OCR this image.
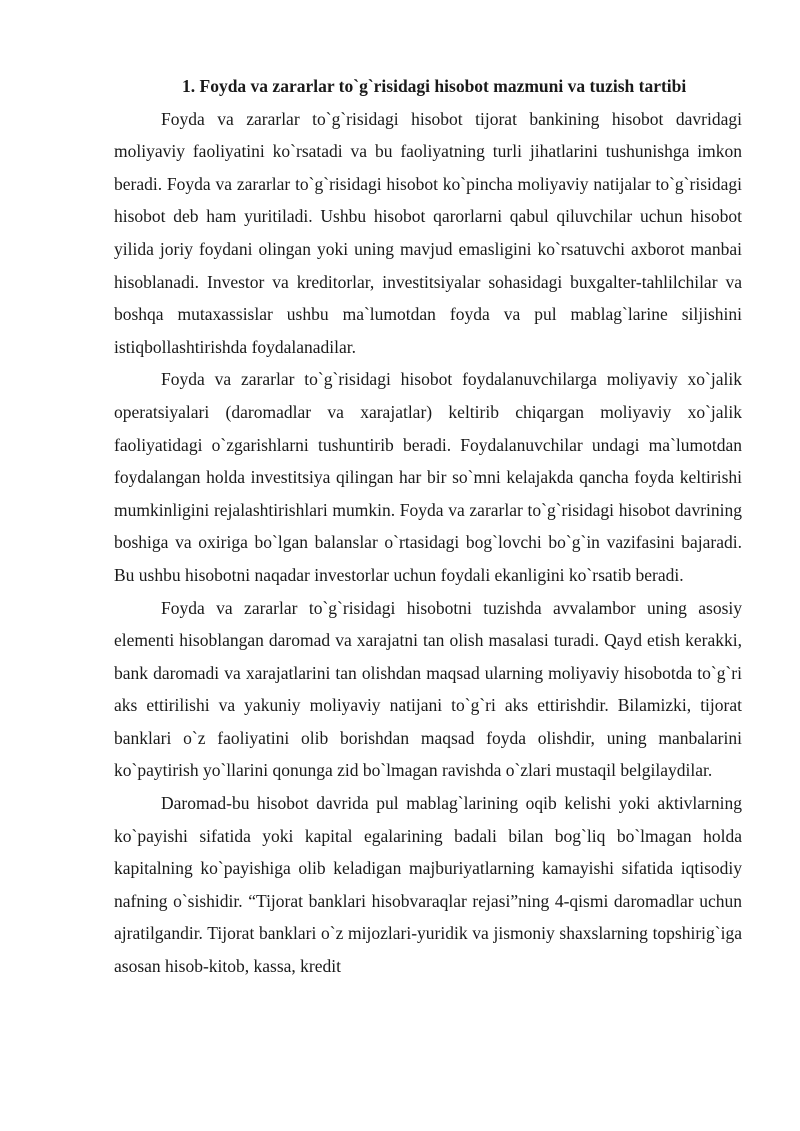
1. Foyda va zararlar to`g`risidagi hisobot mazmuni va tuzish tartibi

Foyda va zararlar to`g`risidagi hisobot tijorat bankining hisobot davridagi moliyaviy faoliyatini ko`rsatadi va bu faoliyatning turli jihatlarini tushunishga imkon beradi. Foyda va zararlar to`g`risidagi hisobot ko`pincha moliyaviy natijalar to`g`risidagi hisobot deb ham yuritiladi. Ushbu hisobot qarorlarni qabul qiluvchilar uchun hisobot yilida joriy foydani olingan yoki uning mavjud emasligini ko`rsatuvchi axborot manbai hisoblanadi. Investor va kreditorlar, investitsiyalar sohasidagi buxgalter-tahlilchilar va boshqa mutaxassislar ushbu ma`lumotdan foyda va pul mablag`larine siljishini istiqbollashtirishda foydalanadilar.

Foyda va zararlar to`g`risidagi hisobot foydalanuvchilarga moliyaviy xo`jalik operatsiyalari (daromadlar va xarajatlar) keltirib chiqargan moliyaviy xo`jalik faoliyatidagi o`zgarishlarni tushuntirib beradi. Foydalanuvchilar undagi ma`lumotdan foydalangan holda investitsiya qilingan har bir so`mni kelajakda qancha foyda keltirishi mumkinligini rejalashtirishlari mumkin. Foyda va zararlar to`g`risidagi hisobot davrining boshiga va oxiriga bo`lgan balanslar o`rtasidagi bog`lovchi bo`g`in vazifasini bajaradi. Bu ushbu hisobotni naqadar investorlar uchun foydali ekanligini ko`rsatib beradi.

Foyda va zararlar to`g`risidagi hisobotni tuzishda avvalambor uning asosiy elementi hisoblangan daromad va xarajatni tan olish masalasi turadi. Qayd etish kerakki, bank daromadi va xarajatlarini tan olishdan maqsad ularning moliyaviy hisobotda to`g`ri aks ettirilishi va yakuniy moliyaviy natijani to`g`ri aks ettirishdir. Bilamizki, tijorat banklari o`z faoliyatini olib borishdan maqsad foyda olishdir, uning manbalarini ko`paytirish yo`llarini qonunga zid bo`lmagan ravishda o`zlari mustaqil belgilaydilar.

Daromad-bu hisobot davrida pul mablag`larining oqib kelishi yoki aktivlarning ko`payishi sifatida yoki kapital egalarining badali bilan bog`liq bo`lmagan holda kapitalning ko`payishiga olib keladigan majburiyatlarning kamayishi sifatida iqtisodiy nafning o`sishidir. “Tijorat banklari hisobvaraqlar rejasi”ning 4-qismi daromadlar uchun ajratilgandir. Tijorat banklari o`z mijozlari-yuridik va jismoniy shaxslarning topshirig`iga asosan hisob-kitob, kassa, kredit
